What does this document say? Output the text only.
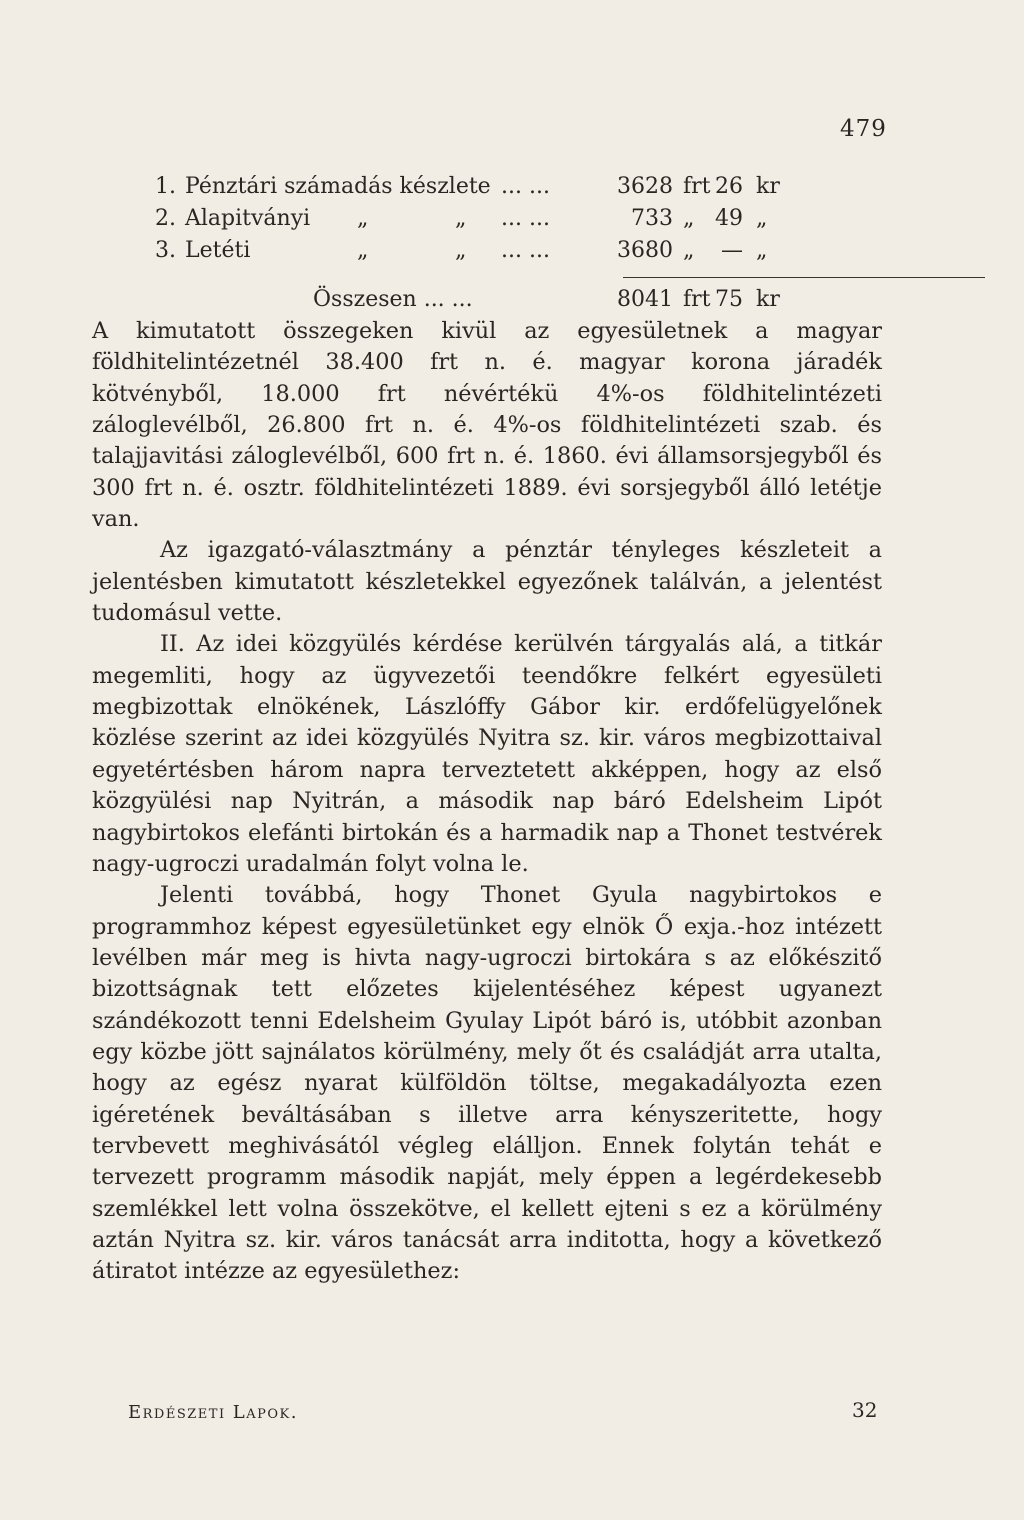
479
1. Pénztári számadás készlete ... ...	3628 frt 26 kr
2. Alapitványi „	„ ... ...	733 „ 49 „
3. Letéti	„	„ ... ...	3680 „	— „
Összesen ... ...	8041 frt 75 kr

A kimutatott összegeken kivül az egyesületnek a magyar földhitelintézetnél 38.400 frt n. é. magyar korona járadék kötvényből, 18.000 frt névértékü 4%-os földhitelintézeti záloglevélből, 26.800 frt n. é. 4%-os földhitelintézeti szab. és talajjavitási záloglevélből, 600 frt n. é. 1860. évi államsorsjegyből és 300 frt n. é. osztr. földhitelintézeti 1889. évi sorsjegyből álló letétje van.

Az igazgató-választmány a pénztár tényleges készleteit a jelentésben kimutatott készletekkel egyezőnek találván, a jelentést tudomásul vette.

II. Az idei közgyülés kérdése kerülvén tárgyalás alá, a titkár megemliti, hogy az ügyvezetői teendőkre felkért egyesületi megbizottak elnökének, Lászlóffy Gábor kir. erdőfelügyelőnek közlése szerint az idei közgyülés Nyitra sz. kir. város megbizottaival egyetértésben három napra terveztetett akképpen, hogy az első közgyülési nap Nyitrán, a második nap báró Edelsheim Lipót nagybirtokos elefánti birtokán és a harmadik nap a Thonet testvérek nagy-ugroczi uradalmán folyt volna le.

Jelenti továbbá, hogy Thonet Gyula nagybirtokos e programmhoz képest egyesületünket egy elnök Ő exja.-hoz intézett levélben már meg is hivta nagy-ugroczi birtokára s az előkészitő bizottságnak tett előzetes kijelentéséhez képest ugyanezt szándékozott tenni Edelsheim Gyulay Lipót báró is, utóbbit azonban egy közbe jött sajnálatos körülmény, mely őt és családját arra utalta, hogy az egész nyarat külföldön töltse, megakadályozta ezen igéretének beváltásában s illetve arra kényszeritette, hogy tervbevett meghivásától végleg elálljon. Ennek folytán tehát e tervezett programm második napját, mely éppen a legérdekesebb szemlékkel lett volna összekötve, el kellett ejteni s ez a körülmény aztán Nyitra sz. kir. város tanácsát arra inditotta, hogy a következő átiratot intézze az egyesülethez:

Erdészeti Lapok.	32
